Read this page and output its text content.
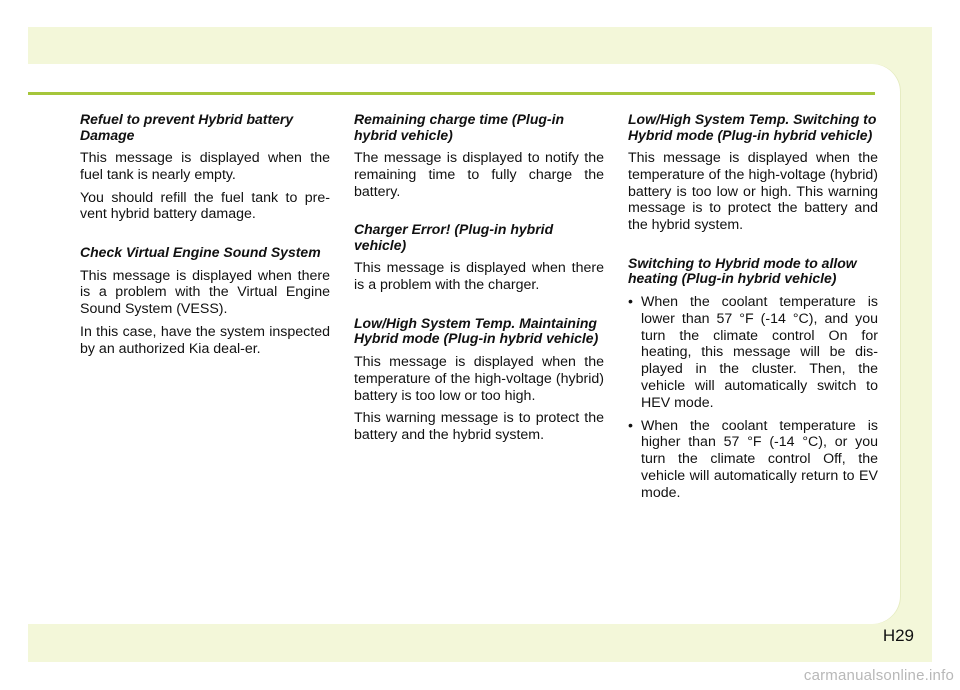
Refuel to prevent Hybrid battery Damage

This message is displayed when the fuel tank is nearly empty.

You should refill the fuel tank to pre-vent hybrid battery damage.

Check Virtual Engine Sound System

This message is displayed when there is a problem with the Virtual Engine Sound System (VESS).

In this case, have the system inspected by an authorized Kia deal-er.

Remaining charge time (Plug-in hybrid vehicle)

The message is displayed to notify the remaining time to fully charge the battery.

Charger Error! (Plug-in hybrid vehicle)

This message is displayed when there is a problem with the charger.

Low/High System Temp. Maintaining Hybrid mode (Plug-in hybrid vehicle)

This message is displayed when the temperature of the high-voltage (hybrid) battery is too low or too high.

This warning message is to protect the battery and the hybrid system.

Low/High System Temp. Switching to Hybrid mode (Plug-in hybrid vehicle)

This message is displayed when the temperature of the high-voltage (hybrid) battery is too low or high. This warning message is to protect the battery and the hybrid system.

Switching to Hybrid mode to allow heating (Plug-in hybrid vehicle)
• When the coolant temperature is lower than 57 °F (-14 °C), and you turn the climate control On for heating, this message will be dis-played in the cluster. Then, the vehicle will automatically switch to HEV mode.
• When the coolant temperature is higher than 57 °F (-14 °C), or you turn the climate control Off, the vehicle will automatically return to EV mode.
H29
carmanualsonline.info
